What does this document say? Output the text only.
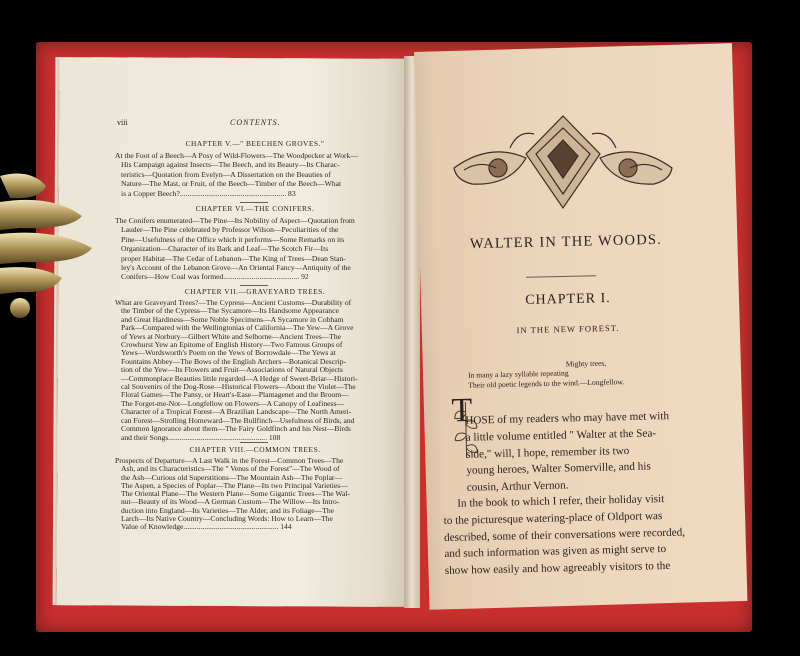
viii	CONTENTS.
CHAPTER V.—" BEECHEN GROVES."
At the Foot of a Beech—A Posy of Wild-Flowers—The Woodpecker at Work—
His Campaign against Insects—The Beech, and its Beauty—Its Charac-
teristics—Quotation from Evelyn—A Dissertation on the Beauties of
Nature—The Mast, or Fruit, of the Beech—Timber of the Beech—What
is a Copper Beech?........................................................ 83
CHAPTER VI.—THE CONIFERS.
The Conifers enumerated—The Pine—Its Nobility of Aspect—Quotation from
Lauder—The Pine celebrated by Professor Wilson—Peculiarities of the
Pine—Usefulness of the Office which it performs—Some Remarks on its
Organization—Character of its Bark and Leaf—The Scotch Fir—Its
proper Habitat—The Cedar of Lebanon—The King of Trees—Dean Stan-
ley's Account of the Lebanon Grove—An Oriental Fancy—Antiquity of the
Conifers—How Coal was formed........................................ 92
CHAPTER VII.—GRAVEYARD TREES.
What are Graveyard Trees?—The Cypress—Ancient Customs—Durability of
the Timber of the Cypress—The Sycamore—Its Handsome Appearance
and Great Hardiness—Some Noble Specimens—A Sycamore in Cobham
Park—Compared with the Wellingtonias of California—The Yew—A Grove
of Yews at Norbury—Gilbert White and Selborne—Ancient Trees—The
Crowhurst Yew an Epitome of English History—Two Famous Groups of
Yews—Wordsworth's Poem on the Yews of Borrowdale—The Yews at
Fountains Abbey—The Bows of the English Archers—Botanical Descrip-
tion of the Yew—Its Flowers and Fruit—Associations of Natural Objects
—Commonplace Beauties little regarded—A Hedge of Sweet-Briar—Histori-
cal Souvenirs of the Dog-Rose—Historical Flowers—About the Violet—The
Floral Games—The Pansy, or Heart's-Ease—Plantagenet and the Broom—
The Forget-me-Not—Longfellow on Flowers—A Canopy of Leafiness—
Character of a Tropical Forest—A Brazilian Landscape—The North Ameri-
can Forest—Strolling Homeward—The Bullfinch—Usefulness of Birds, and
Common Ignorance about them—The Fairy Goldfinch and his Nest—Birds
and their Songs.................................................... 108
CHAPTER VIII.—COMMON TREES.
Prospects of Departure—A Last Walk in the Forest—Common Trees—The
Ash, and its Characteristics—The " Venus of the Forest"—The Wood of
the Ash—Curious old Superstitions—The Mountain Ash—The Poplar—
The Aspen, a Species of Poplar—The Plane—Its two Principal Varieties—
The Oriental Plane—The Western Plane—Some Gigantic Trees—The Wal-
nut—Beauty of its Wood—A German Custom—The Willow—Its Intro-
duction into England—Its Varieties—The Alder, and its Foliage—The
Larch—Its Native Country—Concluding Words: How to Learn—The
Value of Knowledge.................................................. 144
WALTER IN THE WOODS.
CHAPTER I.
IN THE NEW FOREST.
Mighty trees,
In many a lazy syllable repeating
Their old poetic legends to the wind.—Longfellow.
T
HOSE of my readers who may have met with
a little volume entitled " Walter at the Sea-
side," will, I hope, remember its two
young heroes, Walter Somerville, and his
cousin, Arthur Vernon.
In the book to which I refer, their holiday visit
to the picturesque watering-place of Oldport was
described, some of their conversations were recorded,
and such information was given as might serve to
show how easily and how agreeably visitors to the
